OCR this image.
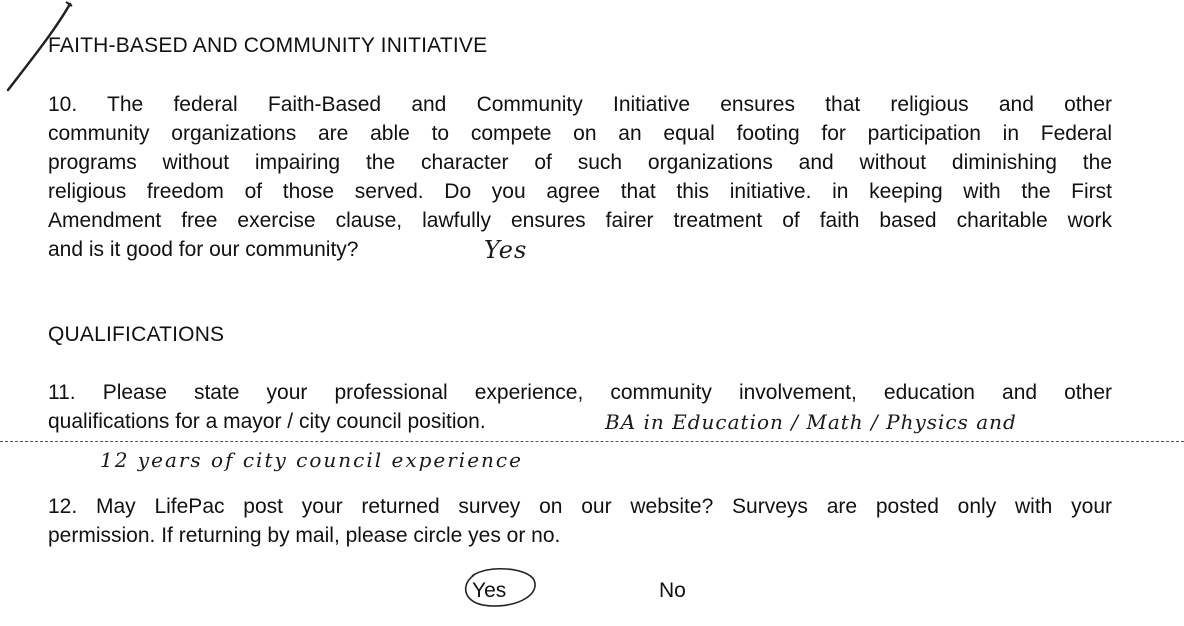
FAITH-BASED AND COMMUNITY INITIATIVE
10. The federal Faith-Based and Community Initiative ensures that religious and other
community organizations are able to compete on an equal footing for participation in Federal
programs without impairing the character of such organizations and without diminishing the
religious freedom of those served. Do you agree that this initiative. in keeping with the First
Amendment free exercise clause, lawfully ensures fairer treatment of faith based charitable work
and is it good for our community?	Yes
QUALIFICATIONS
11. Please state your professional experience, community involvement, education and other
qualifications for a mayor / city council position.	BA in Education / Math / Physics and
12 years of city council experience
12. May LifePac post your returned survey on our website? Surveys are posted only with your
permission. If returning by mail, please circle yes or no.
Yes	No
